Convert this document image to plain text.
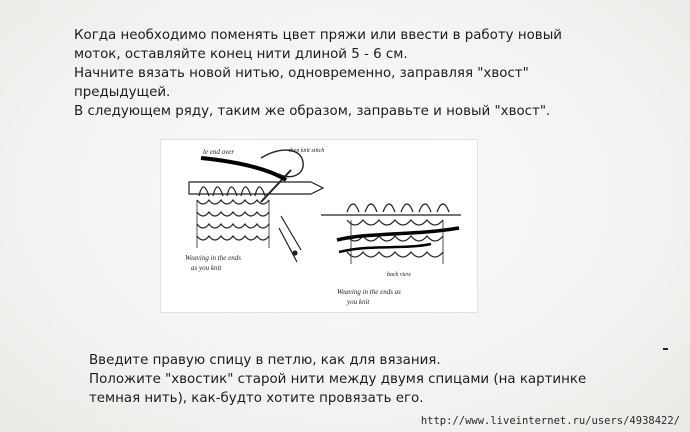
Когда необходимо поменять цвет пряжи или ввести в работу новый

моток, оставляйте конец нити длиной 5 - 6 см.

Начните вязать новой нитью, одновременно, заправляя "хвост"

предыдущей.

В следующем ряду, таким же образом, заправьте и новый "хвост".

le end over	then knit stitch
Weaving in the ends
as you knit
back view
Weaving in the ends as
you knit

Введите правую спицу в петлю, как для вязания.

Положите "хвостик" старой нити между двумя спицами (на картинке

темная нить), как-будто хотите провязать его.

http://www.liveinternet.ru/users/4938422/
